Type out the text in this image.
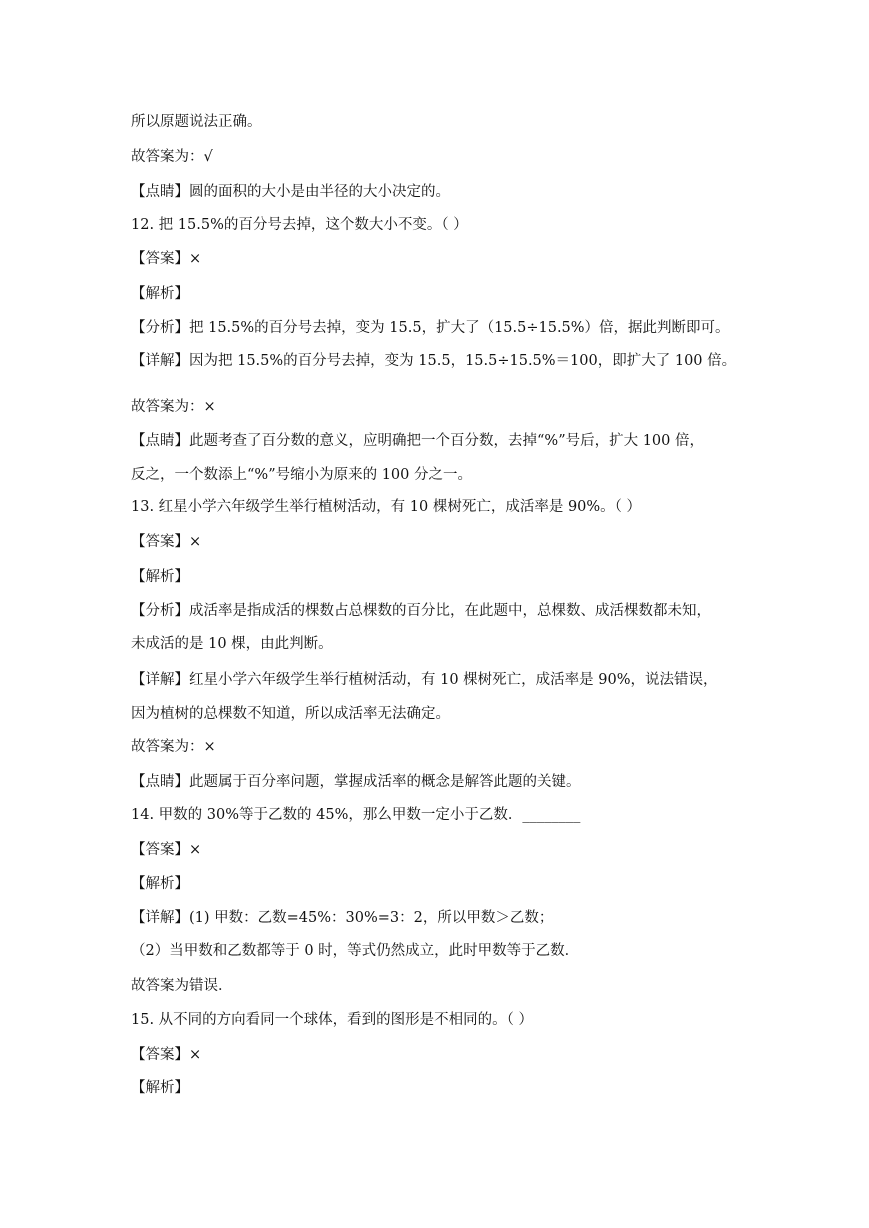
所以原题说法正确。
故答案为：√
【点睛】圆的面积的大小是由半径的大小决定的。
12. 把 15.5%的百分号去掉，这个数大小不变。（ ）
【答案】×
【解析】
【分析】把 15.5%的百分号去掉，变为 15.5，扩大了（15.5÷15.5%）倍，据此判断即可。
【详解】因为把 15.5%的百分号去掉，变为 15.5，15.5÷15.5%＝100，即扩大了 100 倍。
故答案为：×
【点睛】此题考查了百分数的意义，应明确把一个百分数，去掉“%”号后，扩大 100 倍，
反之，一个数添上“%”号缩小为原来的 100 分之一。
13. 红星小学六年级学生举行植树活动，有 10 棵树死亡，成活率是 90%。（ ）
【答案】×
【解析】
【分析】成活率是指成活的棵数占总棵数的百分比，在此题中，总棵数、成活棵数都未知，
未成活的是 10 棵，由此判断。
【详解】红星小学六年级学生举行植树活动，有 10 棵树死亡，成活率是 90%，说法错误，
因为植树的总棵数不知道，所以成活率无法确定。
故答案为：×
【点睛】此题属于百分率问题，掌握成活率的概念是解答此题的关键。
14. 甲数的 30%等于乙数的 45%，那么甲数一定小于乙数．________
【答案】×
【解析】
【详解】(1) 甲数：乙数=45%：30%=3：2，所以甲数＞乙数；
（2）当甲数和乙数都等于 0 时，等式仍然成立，此时甲数等于乙数．
故答案为错误．
15. 从不同的方向看同一个球体，看到的图形是不相同的。（ ）
【答案】×
【解析】
